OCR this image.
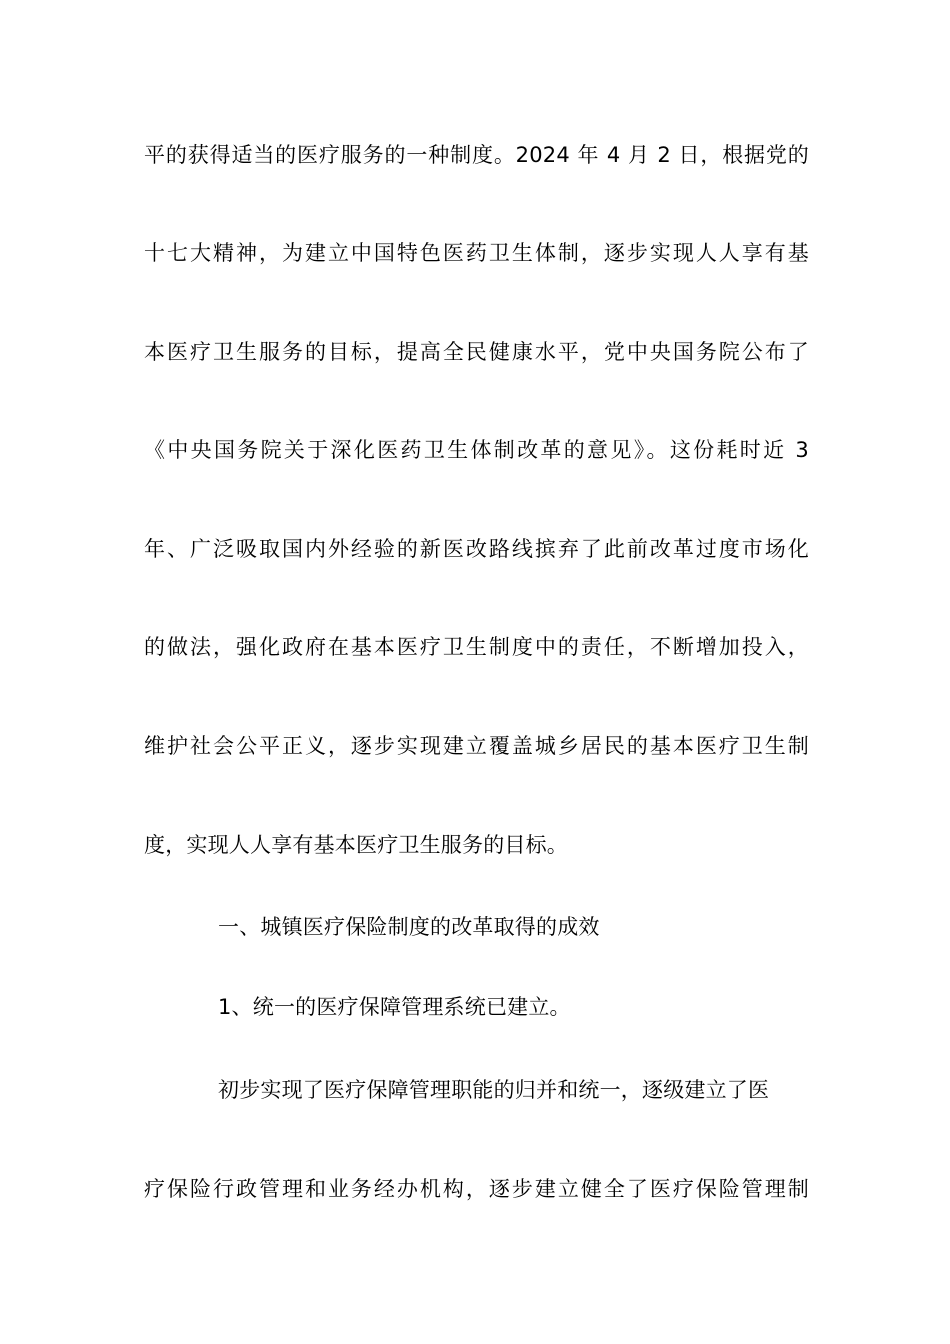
平的获得适当的医疗服务的一种制度。2024 年 4 月 2 日，根据党的
十七大精神，为建立中国特色医药卫生体制，逐步实现人人享有基
本医疗卫生服务的目标，提高全民健康水平，党中央国务院公布了
《中央国务院关于深化医药卫生体制改革的意见》。这份耗时近 3
年、广泛吸取国内外经验的新医改路线摈弃了此前改革过度市场化
的做法，强化政府在基本医疗卫生制度中的责任，不断增加投入，
维护社会公平正义，逐步实现建立覆盖城乡居民的基本医疗卫生制
度，实现人人享有基本医疗卫生服务的目标。
一、城镇医疗保险制度的改革取得的成效
1、统一的医疗保障管理系统已建立。
初步实现了医疗保障管理职能的归并和统一，逐级建立了医
疗保险行政管理和业务经办机构，逐步建立健全了医疗保险管理制
